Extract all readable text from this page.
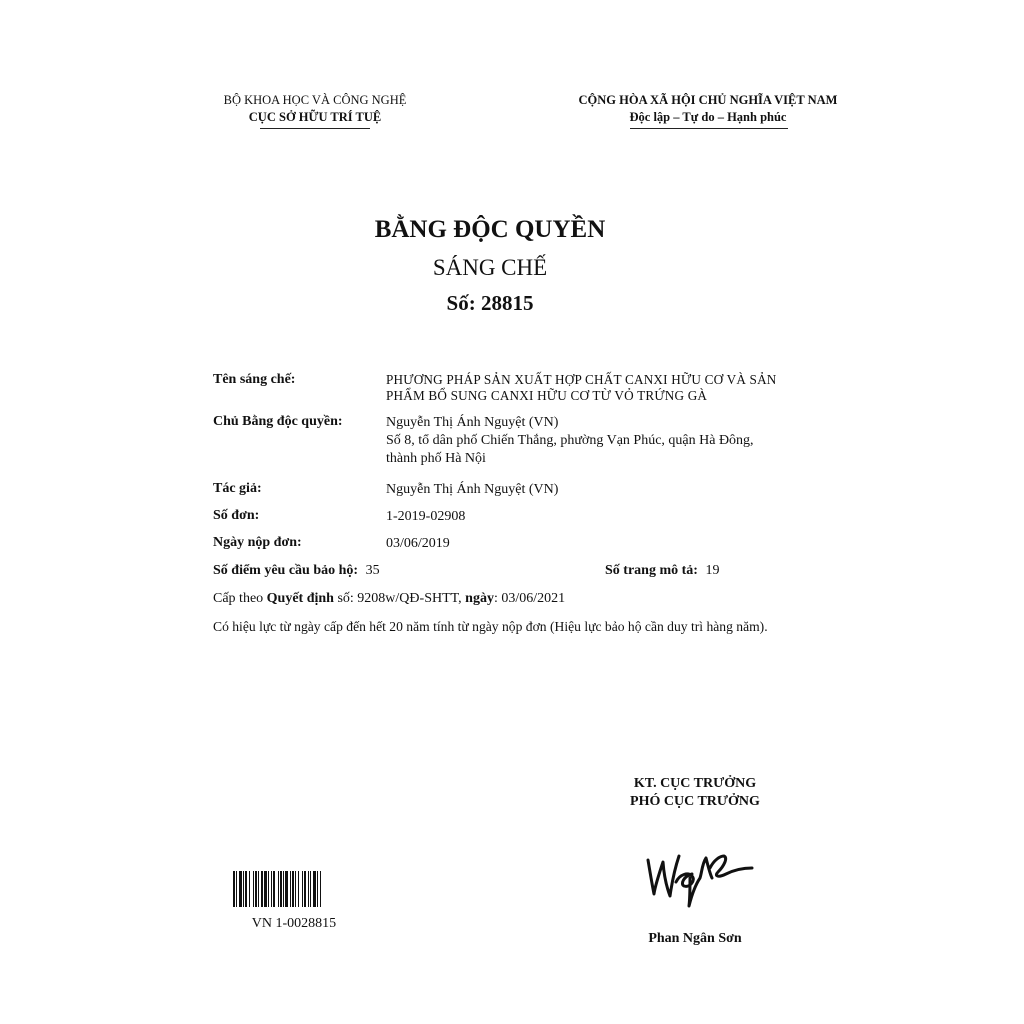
BỘ KHOA HỌC VÀ CÔNG NGHỆ
CỤC SỞ HỮU TRÍ TUỆ
CỘNG HÒA XÃ HỘI CHỦ NGHĨA VIỆT NAM
Độc lập – Tự do – Hạnh phúc
BẰNG ĐỘC QUYỀN
SÁNG CHẾ
Số: 28815
Tên sáng chế:	PHƯƠNG PHÁP SẢN XUẤT HỢP CHẤT CANXI HỮU CƠ VÀ SẢN
PHẨM BỔ SUNG CANXI HỮU CƠ TỪ VỎ TRỨNG GÀ
Chủ Bằng độc quyền:	Nguyễn Thị Ánh Nguyệt (VN)
Số 8, tổ dân phố Chiến Thắng, phường Vạn Phúc, quận Hà Đông,
thành phố Hà Nội
Tác giả:	Nguyễn Thị Ánh Nguyệt (VN)
Số đơn:	1-2019-02908
Ngày nộp đơn:	03/06/2019
Số điểm yêu cầu bảo hộ: 35	Số trang mô tả: 19
Cấp theo Quyết định số: 9208w/QĐ-SHTT, ngày: 03/06/2021
Có hiệu lực từ ngày cấp đến hết 20 năm tính từ ngày nộp đơn (Hiệu lực bảo hộ cần duy trì hàng năm).
KT. CỤC TRƯỞNG
PHÓ CỤC TRƯỞNG
Phan Ngân Sơn
VN 1-0028815
